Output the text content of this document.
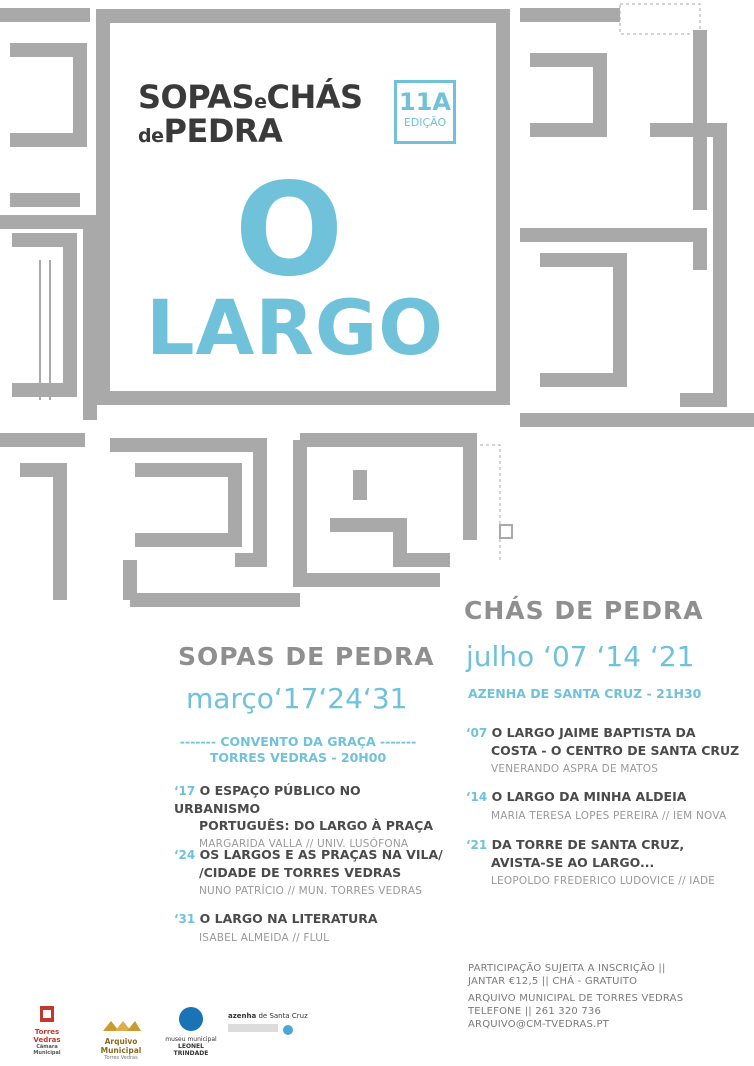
SOPASeCHÁS
dePEDRA
11A
EDIÇÃO
O
LARGO
CHÁS DE PEDRA
julho ‘07 ‘14 ‘21
AZENHA DE SANTA CRUZ - 21H30
‘07 O LARGO JAIME BAPTISTA DA
COSTA - O CENTRO DE SANTA CRUZ
VENERANDO ASPRA DE MATOS
‘14 O LARGO DA MINHA ALDEIA
MARIA TERESA LOPES PEREIRA // IEM NOVA
‘21 DA TORRE DE SANTA CRUZ,
AVISTA-SE AO LARGO...
LEOPOLDO FREDERICO LUDOVICE // IADE
SOPAS DE PEDRA
março‘17‘24‘31
------- CONVENTO DA GRAÇA -------
TORRES VEDRAS - 20H00
‘17 O ESPAÇO PÚBLICO NO URBANISMO
PORTUGUÊS: DO LARGO À PRAÇA
MARGARIDA VALLA // UNIV. LUSÓFONA
‘24 OS LARGOS E AS PRAÇAS NA VILA/
/CIDADE DE TORRES VEDRAS
NUNO PATRÍCIO // MUN. TORRES VEDRAS
‘31 O LARGO NA LITERATURA
ISABEL ALMEIDA // FLUL
PARTICIPAÇÃO SUJEITA A INSCRIÇÃO ||
JANTAR €12,5 || CHÁ - GRATUITO
ARQUIVO MUNICIPAL DE TORRES VEDRAS
TELEFONE || 261 320 736
ARQUIVO@CM-TVEDRAS.PT
Torres Vedras
Câmara Municipal
Arquivo Municipal
Torres Vedras
museu municipal
LEONEL TRINDADE
azenha de Santa Cruz
